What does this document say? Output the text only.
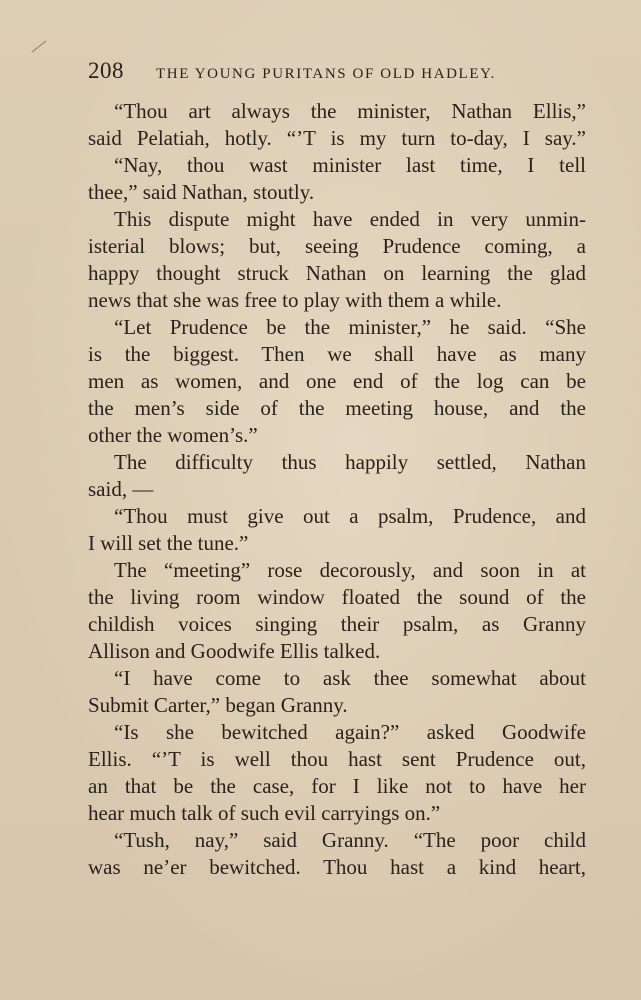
208 THE YOUNG PURITANS OF OLD HADLEY.
“Thou art always the minister, Nathan Ellis,”
said Pelatiah, hotly. “’T is my turn to-day, I say.”
“Nay, thou wast minister last time, I tell
thee,” said Nathan, stoutly.
This dispute might have ended in very unmin-
isterial blows; but, seeing Prudence coming, a
happy thought struck Nathan on learning the glad
news that she was free to play with them a while.
“Let Prudence be the minister,” he said. “She
is the biggest. Then we shall have as many
men as women, and one end of the log can be
the men’s side of the meeting house, and the
other the women’s.”
The difficulty thus happily settled, Nathan
said, —
“Thou must give out a psalm, Prudence, and
I will set the tune.”
The “meeting” rose decorously, and soon in at
the living room window floated the sound of the
childish voices singing their psalm, as Granny
Allison and Goodwife Ellis talked.
“I have come to ask thee somewhat about
Submit Carter,” began Granny.
“Is she bewitched again?” asked Goodwife
Ellis. “’T is well thou hast sent Prudence out,
an that be the case, for I like not to have her
hear much talk of such evil carryings on.”
“Tush, nay,” said Granny. “The poor child
was ne’er bewitched. Thou hast a kind heart,
